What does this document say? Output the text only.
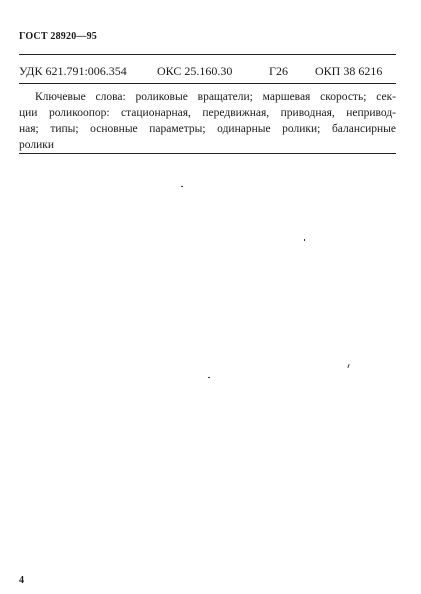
ГОСТ 28920—95
УДК 621.791:006.354	ОКС 25.160.30	Г26 ОКП 38 6216
Ключевые слова: роликовые вращатели; маршевая скорость; сек-
ции роликоопор: стационарная, передвижная, приводная, непривод-
ная; типы; основные параметры; одинарные ролики; балансирные
ролики
4
